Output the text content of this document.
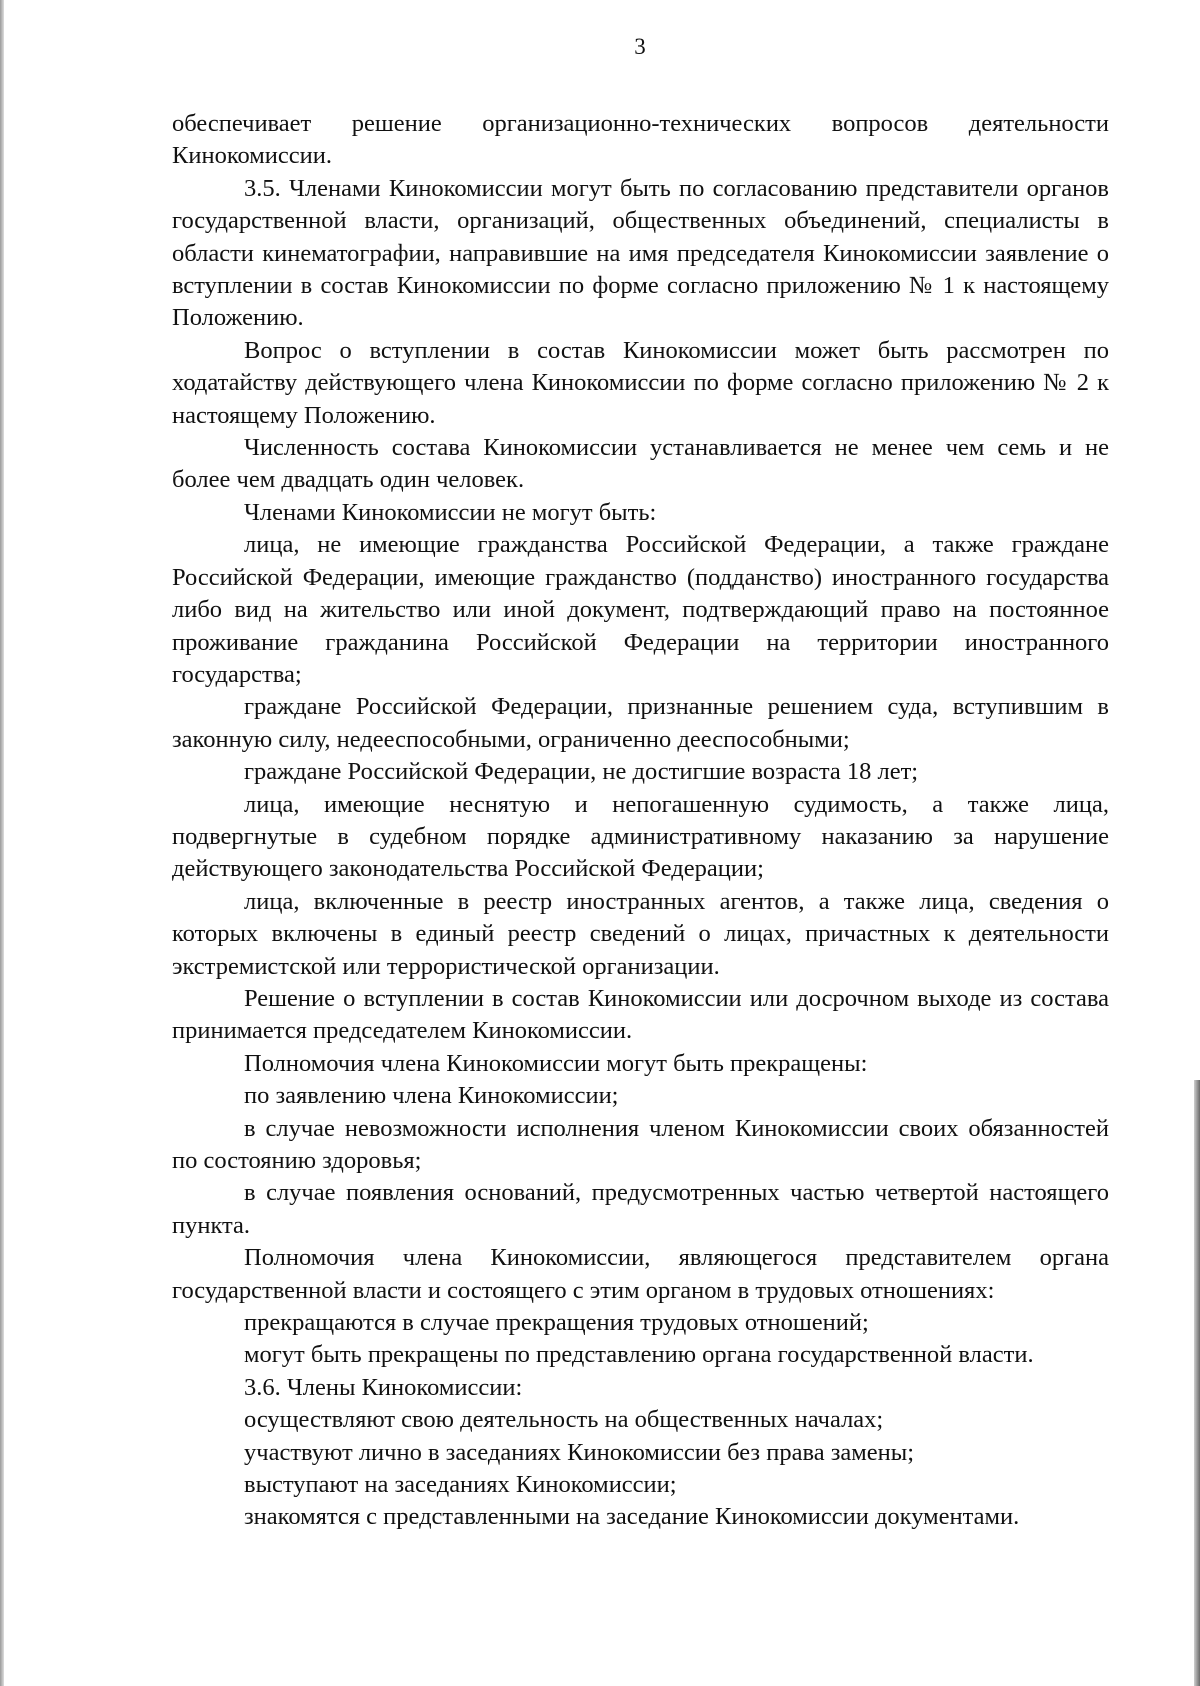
3

обеспечивает решение организационно-технических вопросов деятельности Кинокомиссии.

3.5. Членами Кинокомиссии могут быть по согласованию представители органов государственной власти, организаций, общественных объединений, специалисты в области кинематографии, направившие на имя председателя Кинокомиссии заявление о вступлении в состав Кинокомиссии по форме согласно приложению № 1 к настоящему Положению.

Вопрос о вступлении в состав Кинокомиссии может быть рассмотрен по ходатайству действующего члена Кинокомиссии по форме согласно приложению № 2 к настоящему Положению.

Численность состава Кинокомиссии устанавливается не менее чем семь и не более чем двадцать один человек.

Членами Кинокомиссии не могут быть:

лица, не имеющие гражданства Российской Федерации, а также граждане Российской Федерации, имеющие гражданство (подданство) иностранного государства либо вид на жительство или иной документ, подтверждающий право на постоянное проживание гражданина Российской Федерации на территории иностранного государства;

граждане Российской Федерации, признанные решением суда, вступившим в законную силу, недееспособными, ограниченно дееспособными;

граждане Российской Федерации, не достигшие возраста 18 лет;

лица, имеющие неснятую и непогашенную судимость, а также лица, подвергнутые в судебном порядке административному наказанию за нарушение действующего законодательства Российской Федерации;

лица, включенные в реестр иностранных агентов, а также лица, сведения о которых включены в единый реестр сведений о лицах, причастных к деятельности экстремистской или террористической организации.

Решение о вступлении в состав Кинокомиссии или досрочном выходе из состава принимается председателем Кинокомиссии.

Полномочия члена Кинокомиссии могут быть прекращены:

по заявлению члена Кинокомиссии;

в случае невозможности исполнения членом Кинокомиссии своих обязанностей по состоянию здоровья;

в случае появления оснований, предусмотренных частью четвертой настоящего пункта.

Полномочия члена Кинокомиссии, являющегося представителем органа государственной власти и состоящего с этим органом в трудовых отношениях:

прекращаются в случае прекращения трудовых отношений;

могут быть прекращены по представлению органа государственной власти.

3.6. Члены Кинокомиссии:

осуществляют свою деятельность на общественных началах;

участвуют лично в заседаниях Кинокомиссии без права замены;

выступают на заседаниях Кинокомиссии;

знакомятся с представленными на заседание Кинокомиссии документами.
